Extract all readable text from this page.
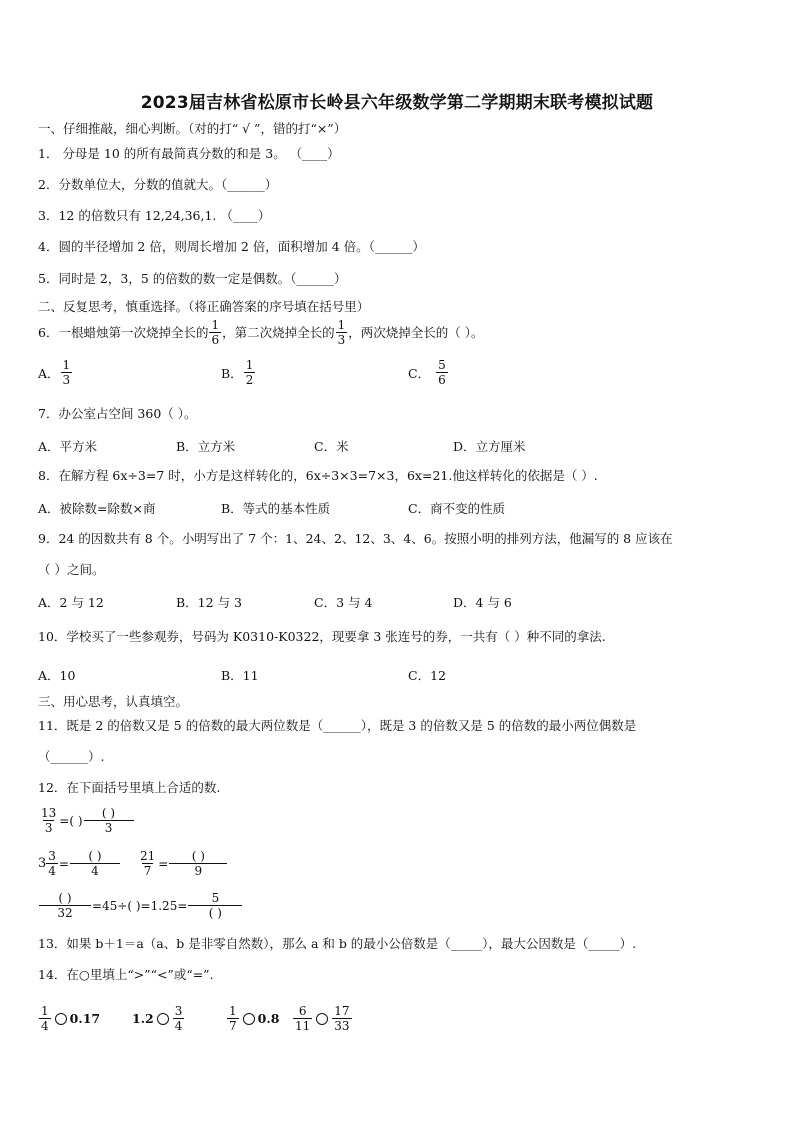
2023届吉林省松原市长岭县六年级数学第二学期期末联考模拟试题
一、仔细推敲，细心判断。（对的打“ √ ”，错的打“×”）
1． 分母是 10 的所有最简真分数的和是 3。 （____）
2．分数单位大，分数的值就大。（______）
3．12 的倍数只有 12,24,36,1. （____）
4．圆的半径增加 2 倍，则周长增加 2 倍，面积增加 4 倍。（______）
5．同时是 2，3，5 的倍数的数一定是偶数。（______）
二、反复思考，慎重选择。（将正确答案的序号填在括号里）
6．一根蜡烛第一次烧掉全长的 $\frac{1}{6}$ ，第二次烧掉全长的 $\frac{1}{3}$ ，两次烧掉全长的（ ）。
A． $\frac{1}{3}$	B． $\frac{1}{2}$	C． $\frac{5}{6}$
7．办公室占空间 360（ ）。
A．平方米	B．立方米	C．米	D．立方厘米
8．在解方程 6x÷3=7 时，小方是这样转化的，6x÷3×3=7×3，6x=21.他这样转化的依据是（ ）.
A．被除数=除数×商	B．等式的基本性质	C．商不变的性质
9．24 的因数共有 8 个。小明写出了 7 个：1、24、2、12、3、4、6。按照小明的排列方法，他漏写的 8 应该在
（ ）之间。
A．2 与 12	B．12 与 3	C．3 与 4	D．4 与 6
10．学校买了一些参观券，号码为 K0310-K0322，现要拿 3 张连号的券，一共有（ ）种不同的拿法.
A．10	B．11	C．12
三、用心思考，认真填空。
11．既是 2 的倍数又是 5 的倍数的最大两位数是（______），既是 3 的倍数又是 5 的倍数的最小两位偶数是
（______）.
12．在下面括号里填上合适的数.
$\frac{13}{3}$ =( ) $\frac{( )}{3}$
$3 \frac{3}{4} = \frac{( )}{4} \frac{21}{7} = \frac{( )}{9}$
$\frac{( )}{32} =45\div$( )$=1.25= \frac{5}{( )}$
13．如果 b＋1＝a（a、b 是非零自然数），那么 a 和 b 的最小公倍数是（_____），最大公因数是（_____）.
14．在○里填上“>”“<”或“=”.
$\frac{1}{4} 0.17$	$1.2 \frac{3}{4}$	$\frac{1}{7} 0.8 \frac{6}{11} \frac{17}{33}$
